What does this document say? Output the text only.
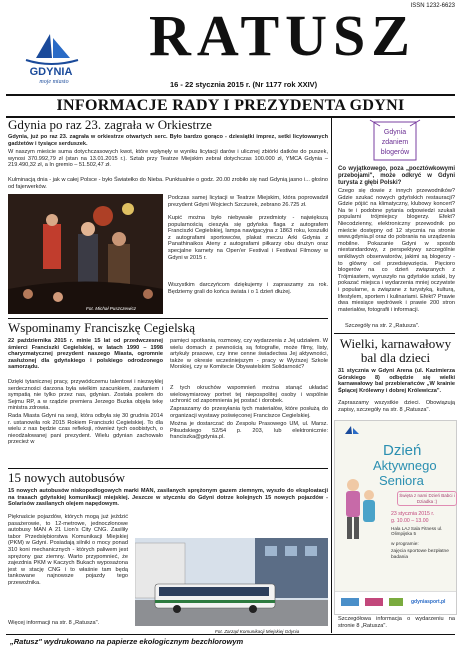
ISSN 1232-6623
GDYNIA
moje miasto
RATUSZ
16 - 22 stycznia 2015 r. (Nr 1177 rok XXIV)
INFORMACJE RADY I PREZYDENTA GDYNI
Gdynia po raz 23. zagrała w Orkiestrze
Gdynia, już po raz 23. zagrała w orkiestrze otwartych serc. Było bardzo gorąco - dziesiątki imprez, setki licytowanych gadżetów i tysiące serduszek.
W naszym mieście suma dotychczasowych kwot, które wpłynęły w wyniku licytacji darów i ulicznej zbiórki datków do puszek, wynosi 370.992,79 zł (stan na 13.01.2015 r.). Sztab przy Teatrze Miejskim zebrał dotychczas 100.000 zł, YMCA Gdynia – 219.490,32 zł, a In gremio – 51.502,47 zł.
Kulminacją dnia - jak w całej Polsce - było Światełko do Nieba. Punktualnie o godz. 20.00 zrobiło się nad Gdynią jasno i... głośno od fajerwerków.
Fot. Michał Puszczewicz
Podczas samej licytacji w Teatrze Miejskim, która poprowadził prezydent Gdyni Wojciech Szczurek, zebrano 26.725 zł.
Kupić można było niebywałe przedmioty - największą popularnością cieszyła się gdyńska flaga z autografem Franciszki Cegielskiej, lampa nawigacyjna z 1863 roku, koszulki z autografami sportowców, plakat meczu Arki Gdynia z Panathinaikos Ateny z autografami piłkarzy obu drużyn oraz specjalne karnety na Open'er Festival i Festiwal Filmowy w Gdyni w 2015 r.
Wszystkim darczyńcom dziękujemy i zapraszamy za rok. Będziemy grali do końca świata i o 1 dzień dłużej.
Wspominamy Franciszkę Cegielską
22 października 2015 r. minie 15 lat od przedwczesnej śmierci Franciszki Cegielskiej, w latach 1990 – 1998 charyzmatycznej prezydent naszego Miasta, ogromnie zasłużonej dla gdyńskiego i polskiego odrodzonego samorządu.
Dzięki tytanicznej pracy, przywódczemu talentowi i niezwykłej serdeczności darzona była wielkim szacunkiem, zaufaniem i sympatią nie tylko przez nas, gdynian. Została posłem do Sejmu RP, a w rządzie premiera Jerzego Buzka objęła tekę ministra zdrowia.
Rada Miasta Gdyni na sesji, która odbyła się 30 grudnia 2014 r. ustanowiła rok 2015 Rokiem Franciszki Cegielskiej. To dla wielu z nas będzie czas refleksji, również tych osobistych, o nieodżałowanej pani prezydent. Wielu gdynian zachowało przecież w
pamięci spotkania, rozmowy, czy wydarzenia z Jej udziałem. W wielu domach z pewnością są fotografie, może filmy, listy, artykuły prasowe, czy inne cenne świadectwa Jej aktywności, także w okresie wcześniejszym - pracy w Wyższej Szkole Morskiej, czy w Komitecie Obywatelskim Solidarność?
Z tych okruchów wspomnień można stanąć układać wielowymiarowy portret tej niepospolitej osoby i wspólnie uchronić od zapomnienia jej postać i dorobek.
Zapraszamy do przesyłania tych materiałów, które posłużą do organizacji wystawy poświęconej Franciszce Cegielskiej.
Można je dostarczać do Zespołu Prasowego UM, ul. Marsz. Piłsudskiego 52/54 p. 203, lub elektronicznie: franciszka@gdynia.pl.
15 nowych autobusów
15 nowych autobusów niskopodłogowych marki MAN, zasilanych sprężonym gazem ziemnym, wyszło do eksploatacji na trasach gdyńskiej komunikacji miejskiej. Jeszcze w styczniu do Gdyni dotrze kolejnych 15 nowych pojazdów - Solarisów zasilanych olejem napędowym.
Pięknaście pojazdów, których mogą już jeździć pasażerowie, to 12-metrowe, jednoczłonowe autobusy MAN A 21 Lion's City CNG. Zasiliły tabor Przedsiębiorstwa Komunikacji Miejskiej (PKM) w Gdyni. Posiadają silniki o mocy ponad 310 koni mechanicznych - których paliwem jest sprężony gaz ziemny. Warto przypomnieć, że zajezdnia PKM w Kaczych Bukach wyposażona jest w stację CNG i to właśnie tam będą tankowane najnowsze pojazdy tego przewoźnika.
Więcej informacji na str. 8 „Ratusza".
Fot. Zarząd Komunikacji Miejskiej Gdynia
Gdynia
zdaniem
blogerów
Co wyjątkowego, poza „pocztówkowymi przebojami", może odkryć w Gdyni turysta z głębi Polski?
Czego się dowie z innych przewodników? Gdzie szukać nowych gdyńskich restauracji? Gdzie pójść na klimatyczny, klubowy koncert? Na te i podobne pytania odpowiedzi szukali popularni trójmiejscy blogerzy. Efekt? Niecodzienny, elektroniczny przewodnik po mieście dostępny od 12 stycznia na stronie www.gdynia.pl oraz do pobrania na urządzenia mobilne. Pokazanie Gdyni w sposób niestandardowy, z perspektywy szczególnie wnikliwych obserwatorów, jakimi są blogerzy - to główny cel przedsięwzięcia. Pięciorо blogerów na co dzień związanych z Trójmiastem, wyruszyło na gdyńskie szlaki, by pokazać miejsca i wydarzenia mniej oczywiste i popularne, a związane z turystyką, kulturą, lifestylem, sportem i kulinariami. Efekt? Prawie dwa miesiące wędrówek i prawie 200 stron materiałów, fotografii i informacji.
Szczegóły na str. 2 „Ratusza".
Wielki, karnawałowy bal dla dzieci
31 stycznia w Gdyni Arena (ul. Kazimierza Górskiego 8) odbędzie się wielki karnawałowy bal przebierańców „W krainie Śpiącej Królewny i dobrej Królewicza".
Zapraszamy wszystkie dzieci. Obowiązują zapisy, szczegóły na str. 8 „Ratusza".
Dzień
Aktywnego
Seniora
Święta z nami Dzień Babci i Dziadka :)
23 stycznia 2015 r.
g. 10.00 – 13.00
Hala LAJ Sala Fitness ul. Olimpijska 5
w programie:
zajęcia sportowe bezpłatne badania
gdyniasport.pl
Szczegółowa informacja o wydarzeniu na stronie 8 „Ratusza".
„Ratusz" wydrukowano na papierze ekologicznym bezchlorowym
